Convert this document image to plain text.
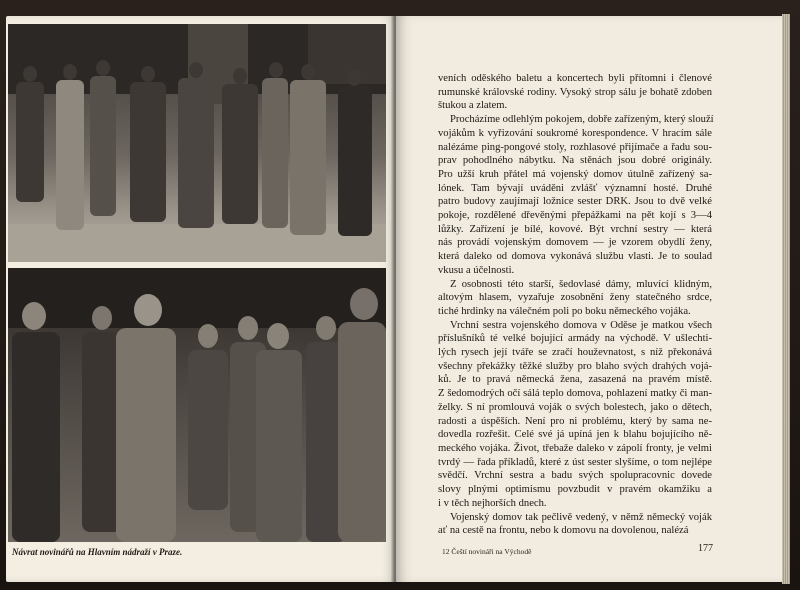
Návrat novinářů na Hlavním nádraží v Praze.

veních oděského baletu a koncertech byli přítomni i členové
rumunské královské rodiny. Vysoký strop sálu je bohatě zdoben
štukou a zlatem.

Procházíme odlehlým pokojem, dobře zařízeným, který slouží
vojákům k vyřizování soukromé korespondence. V hracím sále
nalézáme ping-pongové stoly, rozhlasové přijímače a řadu sou-
prav pohodlného nábytku. Na stěnách jsou dobré originály.
Pro užší kruh přátel má vojenský domov útulně zařízený sa-
lónek. Tam bývají uváděni zvlášť významní hosté. Druhé
patro budovy zaujímají ložnice sester DRK. Jsou to dvě velké
pokoje, rozdělené dřevěnými přepážkami na pět kojí s 3—4
lůžky. Zařízení je bílé, kovové. Být vrchní sestry — která
nás provádí vojenským domovem — je vzorem obydlí ženy,
která daleko od domova vykonává službu vlasti. Je to soulad
vkusu a účelnosti.

Z osobnosti této starší, šedovlasé dámy, mluvící klidným,
altovým hlasem, vyzařuje zosobnění ženy statečného srdce,
tiché hrdinky na válečném poli po boku německého vojáka.

Vrchní sestra vojenského domova v Oděse je matkou všech
příslušníků té velké bojující armády na východě. V ušlechti-
lých rysech její tváře se zračí houževnatost, s níž překonává
všechny překážky těžké služby pro blaho svých drahých vojá-
ků. Je to pravá německá žena, zasazená na pravém místě.
Z šedomodrých očí sálá teplo domova, pohlazení matky či man-
želky. S ní promlouvá voják o svých bolestech, jako o dětech,
radosti a úspěších. Není pro ni problému, který by sama ne-
dovedla rozřešit. Celé své já upíná jen k blahu bojujícího ně-
meckého vojáka. Život, třebaže daleko v zápolí fronty, je velmi
tvrdý — řada příkladů, které z úst sester slyšíme, o tom nejlépe
svědčí. Vrchní sestra a badu svých spolupracovnic dovede
slovy plnými optimismu povzbudit v pravém okamžiku a
i v těch nejhorších dnech.

Vojenský domov tak pečlivě vedený, v němž německý voják
ať na cestě na frontu, nebo k domovu na dovolenou, nalézá

12 Čeští novináři na Východě	177
